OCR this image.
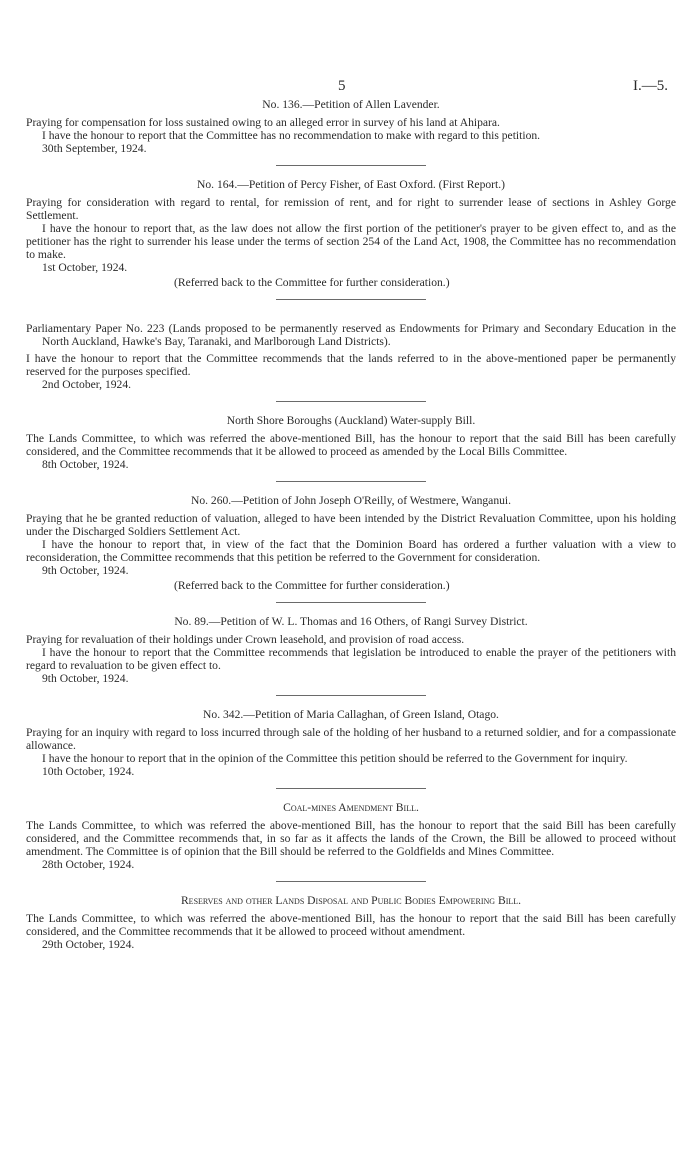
5	I.—5.
No. 136.—Petition of Allen Lavender.

Praying for compensation for loss sustained owing to an alleged error in survey of his land at Ahipara.

I have the honour to report that the Committee has no recommendation to make with regard to this petition.

30th September, 1924.
No. 164.—Petition of Percy Fisher, of East Oxford. (First Report.)

Praying for consideration with regard to rental, for remission of rent, and for right to surrender lease of sections in Ashley Gorge Settlement.

I have the honour to report that, as the law does not allow the first portion of the petitioner's prayer to be given effect to, and as the petitioner has the right to surrender his lease under the terms of section 254 of the Land Act, 1908, the Committee has no recommendation to make.

1st October, 1924.
(Referred back to the Committee for further consideration.)

Parliamentary Paper No. 223 (Lands proposed to be permanently reserved as Endowments for Primary and Secondary Education in the North Auckland, Hawke's Bay, Taranaki, and Marlborough Land Districts).

I have the honour to report that the Committee recommends that the lands referred to in the above-mentioned paper be permanently reserved for the purposes specified.

2nd October, 1924.
North Shore Boroughs (Auckland) Water-supply Bill.

The Lands Committee, to which was referred the above-mentioned Bill, has the honour to report that the said Bill has been carefully considered, and the Committee recommends that it be allowed to proceed as amended by the Local Bills Committee.

8th October, 1924.
No. 260.—Petition of John Joseph O'Reilly, of Westmere, Wanganui.

Praying that he be granted reduction of valuation, alleged to have been intended by the District Revaluation Committee, upon his holding under the Discharged Soldiers Settlement Act.

I have the honour to report that, in view of the fact that the Dominion Board has ordered a further valuation with a view to reconsideration, the Committee recommends that this petition be referred to the Government for consideration.

9th October, 1924.
(Referred back to the Committee for further consideration.)
No. 89.—Petition of W. L. Thomas and 16 Others, of Rangi Survey District.

Praying for revaluation of their holdings under Crown leasehold, and provision of road access.

I have the honour to report that the Committee recommends that legislation be introduced to enable the prayer of the petitioners with regard to revaluation to be given effect to.

9th October, 1924.
No. 342.—Petition of Maria Callaghan, of Green Island, Otago.

Praying for an inquiry with regard to loss incurred through sale of the holding of her husband to a returned soldier, and for a compassionate allowance.

I have the honour to report that in the opinion of the Committee this petition should be referred to the Government for inquiry.

10th October, 1924.
Coal-mines Amendment Bill.

The Lands Committee, to which was referred the above-mentioned Bill, has the honour to report that the said Bill has been carefully considered, and the Committee recommends that, in so far as it affects the lands of the Crown, the Bill be allowed to proceed without amendment. The Committee is of opinion that the Bill should be referred to the Goldfields and Mines Committee.

28th October, 1924.
Reserves and other Lands Disposal and Public Bodies Empowering Bill.

The Lands Committee, to which was referred the above-mentioned Bill, has the honour to report that the said Bill has been carefully considered, and the Committee recommends that it be allowed to proceed without amendment.

29th October, 1924.
